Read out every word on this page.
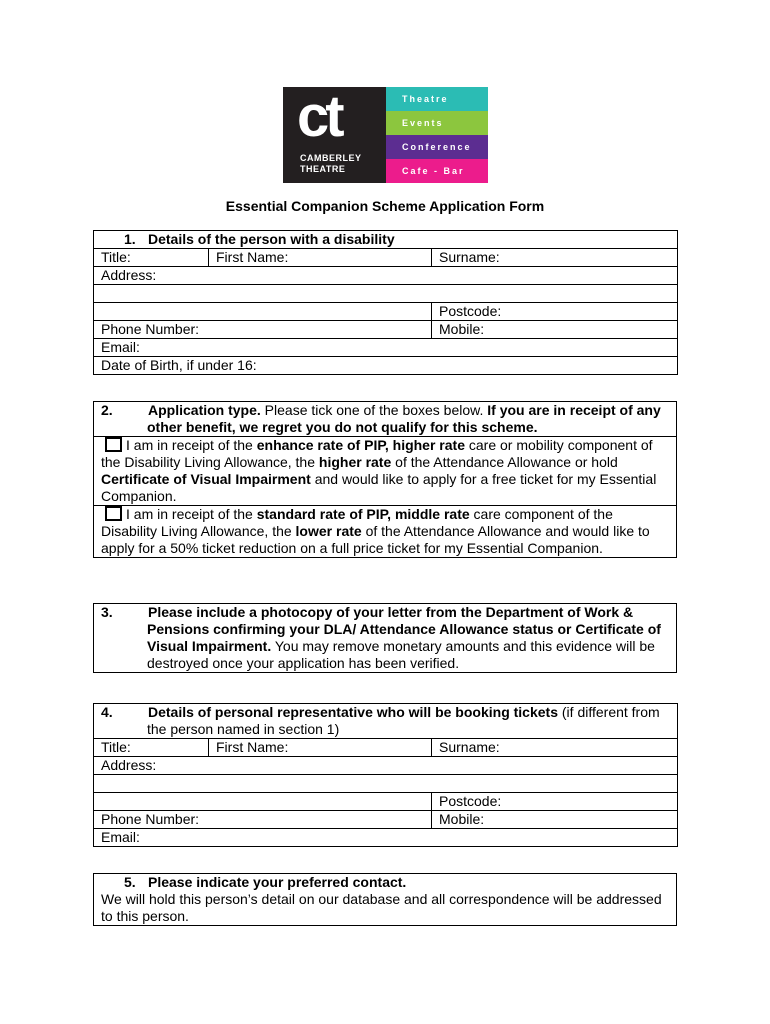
ct
CAMBERLEY
THEATRE
Theatre
Events
Conference
Cafe - Bar
Essential Companion Scheme Application Form
1. Details of the person with a disability		
Title:	First Name:	Surname:
Address:		

		Postcode:
Phone Number:		Mobile:
Email:		
Date of Birth, if under 16:		
2.	Application type. Please tick one of the boxes below. If you are in receipt of any other benefit, we regret you do not qualify for this scheme.

I am in receipt of the enhance rate of PIP, higher rate care or mobility component of the Disability Living Allowance, the higher rate of the Attendance Allowance or hold Certificate of Visual Impairment and would like to apply for a free ticket for my Essential Companion.
I am in receipt of the standard rate of PIP, middle rate care component of the Disability Living Allowance, the lower rate of the Attendance Allowance and would like to apply for a 50% ticket reduction on a full price ticket for my Essential Companion.
3.	Please include a photocopy of your letter from the Department of Work & Pensions confirming your DLA/ Attendance Allowance status or Certificate of Visual Impairment. You may remove monetary amounts and this evidence will be destroyed once your application has been verified.
4. Details of personal representative who will be booking tickets (if different from the person named in section 1)		

Title:	First Name:	Surname:
Address:		

		Postcode:
Phone Number:		Mobile:
Email:		
5. Please indicate your preferred contact.
We will hold this person’s detail on our database and all correspondence will be addressed to this person.
